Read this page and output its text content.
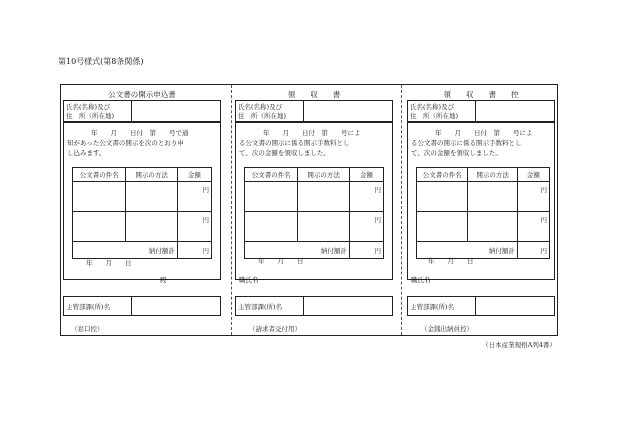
第10号様式(第8条関係)
公文書の開示申込書
氏名(名称)及び
住　所（所在地)
年　　月　　日付　第　　号で通
知があった公文書の開示を次のとおり申
し込みます。
公文書の件名	開示の方法	金額
		円
		円
納付額計		円
年　　月　　日
殿
主管部課(所)名
（窓口控）
領　　収　　書
氏名(名称)及び
住　所（所在地)
年　　月　　日付　第　　号によ
る公文書の開示に係る開示手数料とし
て、次の金額を領収しました。
公文書の件名	開示の方法	金額
		円
		円
納付額計		円
年　　月　　日
職氏名
主管部課(所)名
（請求者交付用）
領　　収　　書　　控
氏名(名称)及び
住　所（所在地)
年　　月　　日付　第　　号によ
る公文書の開示に係る開示手数料とし
て、次の金額を領収しました。
公文書の件名	開示の方法	金額
		円
		円
納付額計		円
年　　月　　日
職氏名
主管部課(所)名
（金銭出納員控）
（日本産業規格A列4番）
